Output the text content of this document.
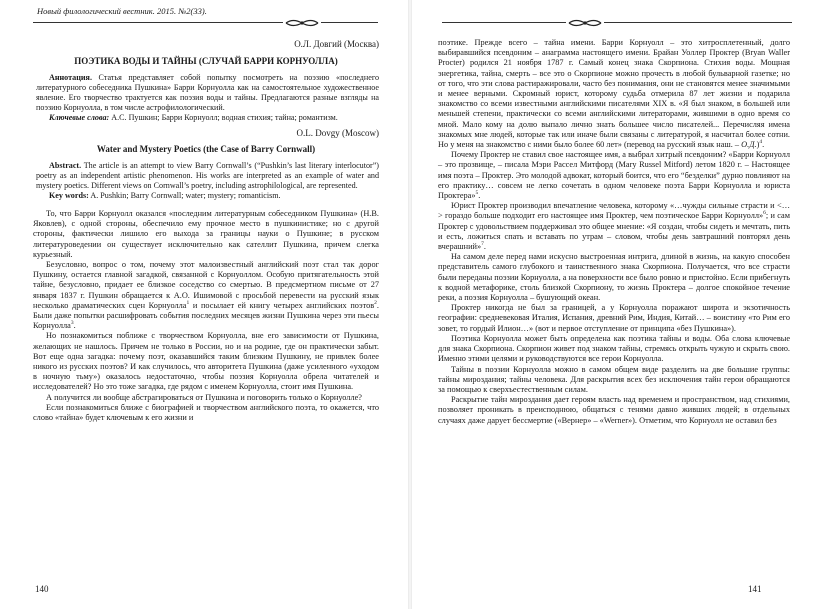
Новый филологический вестник. 2015. №2(33).

О.Л. Довгий (Москва)

ПОЭТИКА ВОДЫ И ТАЙНЫ (СЛУЧАЙ БАРРИ КОРНУОЛЛА)

Аннотация. Статья представляет собой попытку посмотреть на поэзию «последнего литературного собеседника Пушкина» Барри Корнуолла как на самостоятельное художественное явление. Его творчество трактуется как поэзия воды и тайны. Предлагаются разные взгляды на поэзию Корнуолла, в том числе астрофилологический.

Ключевые слова: А.С. Пушкин; Барри Корнуолл; водная стихия; тайна; романтизм.

O.L. Dovgy (Moscow)

Water and Mystery Poetics (the Case of Barry Cornwall)

Abstract. The article is an attempt to view Barry Cornwall’s (“Pushkin’s last literary interlocutor”) poetry as an independent artistic phenomenon. His works are interpreted as an example of water and mystery poetics. Different views on Cornwall’s poetry, including astrophilological, are represented.

Key words: A. Pushkin; Barry Cornwall; water; mystery; romanticism.

То, что Барри Корнуолл оказался «последним литературным собеседником Пушкина» (Н.В. Яковлев), с одной стороны, обеспечило ему прочное место в пушкинистике; но с другой стороны, фактически лишило его выхода за границы науки о Пушкине; в русском литературоведении он существует исключительно как сателлит Пушкина, причем слегка курьезный.

Безусловно, вопрос о том, почему этот малоизвестный английский поэт стал так дорог Пушкину, остается главной загадкой, связанной с Корнуоллом. Особую притягательность этой тайне, безусловно, придает ее близкое соседство со смертью. В предсмертном письме от 27 января 1837 г. Пушкин обращается к А.О. Ишимовой с просьбой перевести на русский язык несколько драматических сцен Корнуолла$^1$ и посылает ей книгу четырех английских поэтов$^2$. Были даже попытки расшифровать события последних месяцев жизни Пушкина через эти пьесы Корнуолла$^3$.

Но познакомиться поближе с творчеством Корнуолла, вне его зависимости от Пушкина, желающих не нашлось. Причем не только в России, но и на родине, где он практически забыт. Вот еще одна загадка: почему поэт, оказавшийся таким близким Пушкину, не привлек более никого из русских поэтов? И как случилось, что авторитета Пушкина (даже усиленного «уходом в ночную тьму») оказалось недостаточно, чтобы поэзия Корнуолла обрела читателей и исследователей? Но это тоже загадка, где рядом с именем Корнуолла, стоит имя Пушкина.

А получится ли вообще абстрагироваться от Пушкина и поговорить только о Корнуолле?

Если познакомиться ближе с биографией и творчеством английского поэта, то окажется, что слово «тайна» будет ключевым к его жизни и

140

поэтике. Прежде всего – тайна имени. Барри Корнуолл – это хитросплетенный, долго выбиравшийся псевдоним – анаграмма настоящего имени. Брайан Уоллер Проктер (Bryan Waller Procter) родился 21 ноября 1787 г. Самый конец знака Скорпиона. Стихия воды. Мощная энергетика, тайна, смерть – все это о Скорпионе можно прочесть в любой бульварной газетке; но от того, что эти слова растиражировали, часто без понимания, они не становятся менее значимыми и менее верными. Скромный юрист, которому судьба отмерила 87 лет жизни и подарила знакомство со всеми известными английскими писателями XIX в. «Я был знаком, в большей или меньшей степени, практически со всеми английскими литераторами, жившими в одно время со мной. Мало кому на долю выпало лично знать большее число писателей... Перечисляя имена знакомых мне людей, которые так или иначе были связаны с литературой, я насчитал более сотни. Но у меня на знакомство с ними было более 60 лет» (перевод на русский язык наш. – О.Д.)$^4$.

Почему Проктер не ставил свое настоящее имя, а выбрал хитрый псевдоним? «Барри Корнуолл – это прозвище, – писала Мэри Рассел Митфорд (Mary Russel Mitford) летом 1820 г. – Настоящее имя поэта – Проктер. Это молодой адвокат, который боится, что его “безделки” дурно повлияют на его практику… совсем не легко сочетать в одном человеке поэта Барри Корнуолла и юриста Проктера»$^5$.

Юрист Проктер производил впечатление человека, которому «…чужды сильные страсти и <…> гораздо больше подходит его настоящее имя Проктер, чем поэтическое Барри Корнуолл»$^6$; и сам Проктер с удовольствием поддерживал это общее мнение: «Я создан, чтобы сидеть и мечтать, пить и есть, ложиться спать и вставать по утрам – словом, чтобы день завтрашний повторял день вчерашний»$^7$.

На самом деле перед нами искусно выстроенная интрига, длиной в жизнь, на какую способен представитель самого глубокого и таинственного знака Скорпиона. Получается, что все страсти были переданы поэзии Корнуолла, а на поверхности все было ровно и пристойно. Если прибегнуть к водной метафорике, столь близкой Скорпиону, то жизнь Проктера – долгое спокойное течение реки, а поэзия Корнуолла – бушующий океан.

Проктер никогда не был за границей, а у Корнуолла поражают широта и экзотичность географии: средневековая Италия, Испания, древний Рим, Индия, Китай… – воистину «то Рим его зовет, то гордый Илион…» (вот и первое отступление от принципа «без Пушкина»).

Поэтика Корнуолла может быть определена как поэтика тайны и воды. Оба слова ключевые для знака Скорпиона. Скорпион живет под знаком тайны, стремясь открыть чужую и скрыть свою. Именно этими целями и руководствуются все герои Корнуолла.

Тайны в поэзии Корнуолла можно в самом общем виде разделить на две большие группы: тайны мироздания; тайны человека. Для раскрытия всех без исключения тайн герои обращаются за помощью к сверхъестественным силам.

Раскрытие тайн мироздания дает героям власть над временем и пространством, над стихиями, позволяет проникать в преисподнюю, общаться с тенями давно живших людей; в отдельных случаях даже дарует бессмертие («Вернер» – «Werner»). Отметим, что Корнуолл не оставил без

141
